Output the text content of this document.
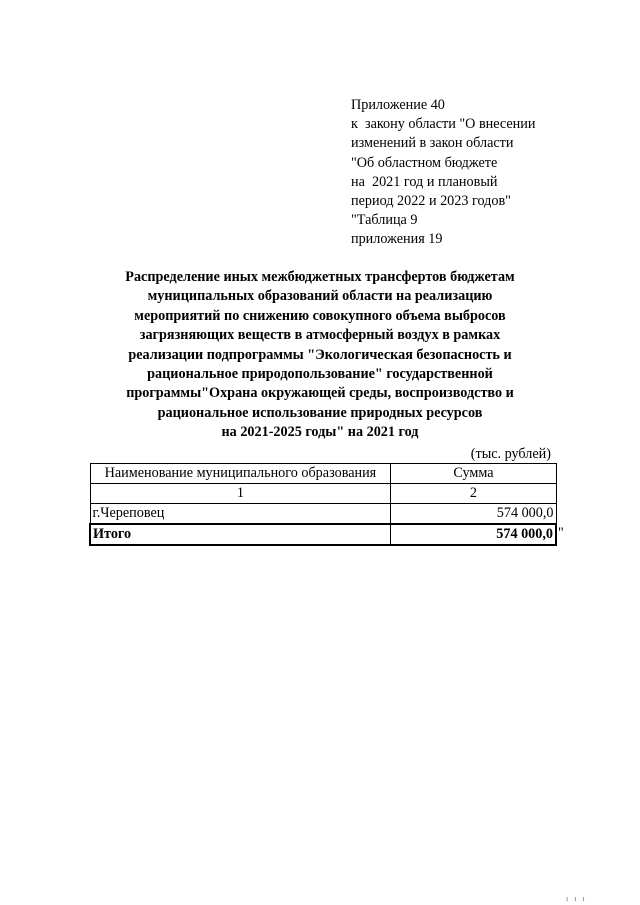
Приложение 40
к  закону области "О внесении
изменений в закон области
"Об областном бюджете
на  2021 год и плановый
период 2022 и 2023 годов"
"Таблица 9
приложения 19
Распределение иных межбюджетных трансфертов бюджетам
муниципальных образований области на реализацию
мероприятий по снижению совокупного объема выбросов
загрязняющих веществ в атмосферный воздух в рамках
реализации подпрограммы "Экологическая безопасность и
рациональное природопользование" государственной
программы"Охрана окружающей среды, воспроизводство и
рациональное использование природных ресурсов
на 2021-2025 годы" на 2021 год
(тыс. рублей)
Наименование муниципального образования	Сумма
1	2
г.Череповец	574 000,0
Итого	574 000,0 "
ı ı ı
